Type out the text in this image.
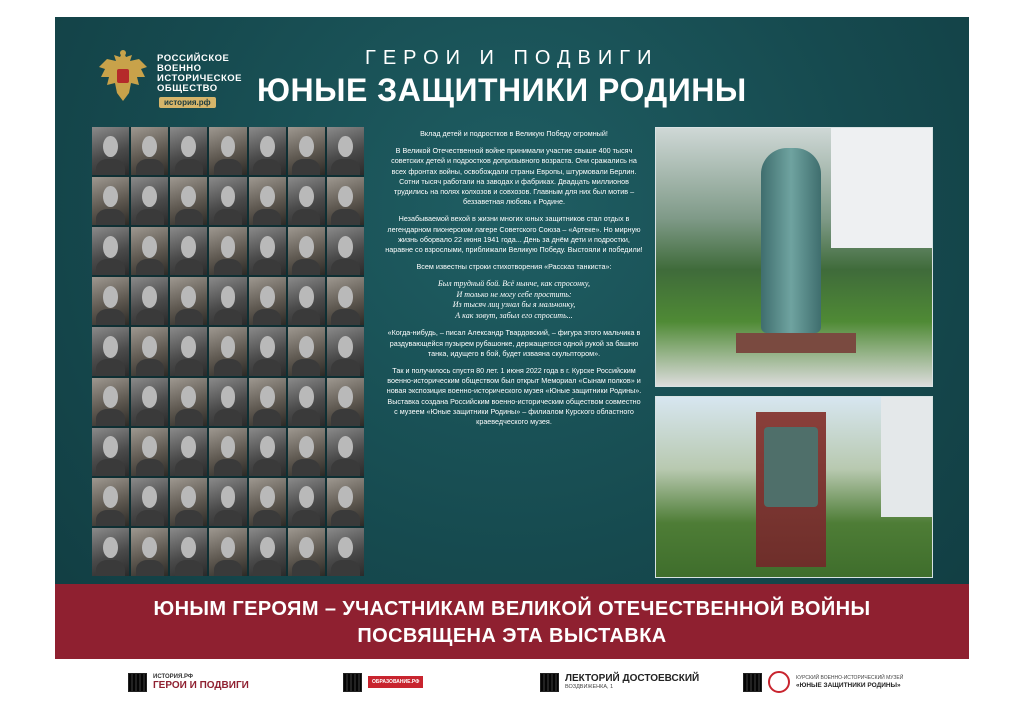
РОССИЙСКОЕ
ВОЕННО
ИСТОРИЧЕСКОЕ
ОБЩЕСТВО
история.рф
ГЕРОИ И ПОДВИГИ
ЮНЫЕ ЗАЩИТНИКИ РОДИНЫ

Вклад детей и подростков в Великую Победу огромный!

В Великой Отечественной войне принимали участие свыше 400 тысяч советских детей и подростков допризывного возраста. Они сражались на всех фронтах войны, освобождали страны Европы, штурмовали Берлин. Сотни тысяч работали на заводах и фабриках. Двадцать миллионов трудились на полях колхозов и совхозов. Главным для них был мотив – беззаветная любовь к Родине.

Незабываемой вехой в жизни многих юных защитников стал отдых в легендарном пионерском лагере Советского Союза – «Артеке». Но мирную жизнь оборвало 22 июня 1941 года... День за днём дети и подростки, наравне со взрослыми, приближали Великую Победу. Выстояли и победили!

Всем известны строки стихотворения «Рассказ танкиста»:

Был трудный бой. Всё нынче, как спросонку,
И только не могу себе простить:
Из тысяч лиц узнал бы я мальчонку,
А как зовут, забыл его спросить...

«Когда-нибудь, – писал Александр Твардовский, – фигура этого мальчика в раздувающейся пузырем рубашонке, держащегося одной рукой за башню танка, идущего в бой, будет изваяна скульптором».

Так и получилось спустя 80 лет. 1 июня 2022 года в г. Курске Российским военно-историческим обществом был открыт Мемориал «Сынам полков» и новая экспозиция военно-исторического музея «Юные защитники Родины». Выставка создана Российским военно-историческим обществом совместно с музеем «Юные защитники Родины» – филиалом Курского областного краеведческого музея.

ЮНЫМ ГЕРОЯМ – УЧАСТНИКАМ ВЕЛИКОЙ ОТЕЧЕСТВЕННОЙ ВОЙНЫ
ПОСВЯЩЕНА ЭТА ВЫСТАВКА
ИСТОРИЯ.РФ
ГЕРОИ И ПОДВИГИ	ОБРАЗОВАНИЕ.РФ	ЛЕКТОРИЙ ДОСТОЕВСКИЙ
ВОЗДВИЖЕНКА, 1
КУРСКИЙ ВОЕННО-ИСТОРИЧЕСКИЙ МУЗЕЙ
«ЮНЫЕ ЗАЩИТНИКИ РОДИНЫ»
